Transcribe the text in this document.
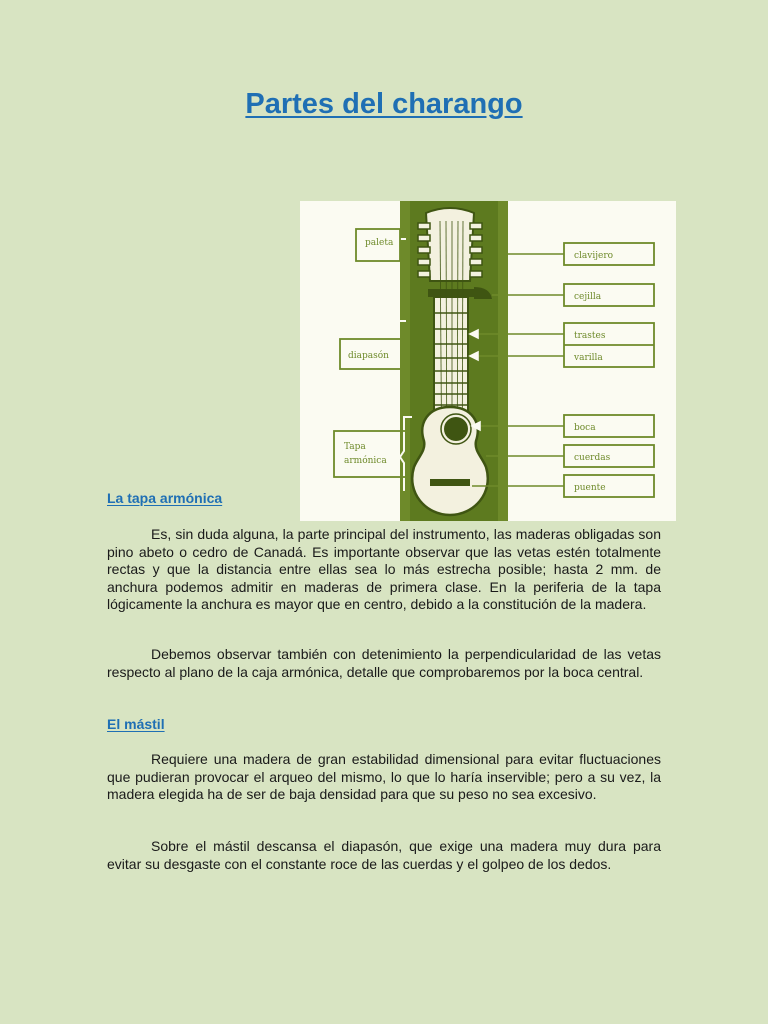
Partes del charango
paleta
diapasón
Tapa
armónica
clavijero
cejilla
trastes
varilla
boca
cuerdas
puente
La tapa armónica

Es, sin duda alguna, la parte principal del instrumento, las maderas obligadas son pino abeto o cedro de Canadá. Es importante observar que las vetas estén totalmente rectas y que la distancia entre ellas sea lo más estrecha posible; hasta 2 mm. de anchura podemos admitir en maderas de primera clase. En la periferia de la tapa lógicamente la anchura es mayor que en centro, debido a la constitución de la madera.

Debemos observar también con detenimiento la perpendicularidad de las vetas respecto al plano de la caja armónica, detalle que comprobaremos por la boca central.

El mástil

Requiere una madera de gran estabilidad dimensional para evitar fluctuaciones que pudieran provocar el arqueo del mismo, lo que lo haría inservible; pero a su vez, la madera elegida ha de ser de baja densidad para que su peso no sea excesivo.

Sobre el mástil descansa el diapasón, que exige una madera muy dura para evitar su desgaste con el constante roce de las cuerdas y el golpeo de los dedos.
